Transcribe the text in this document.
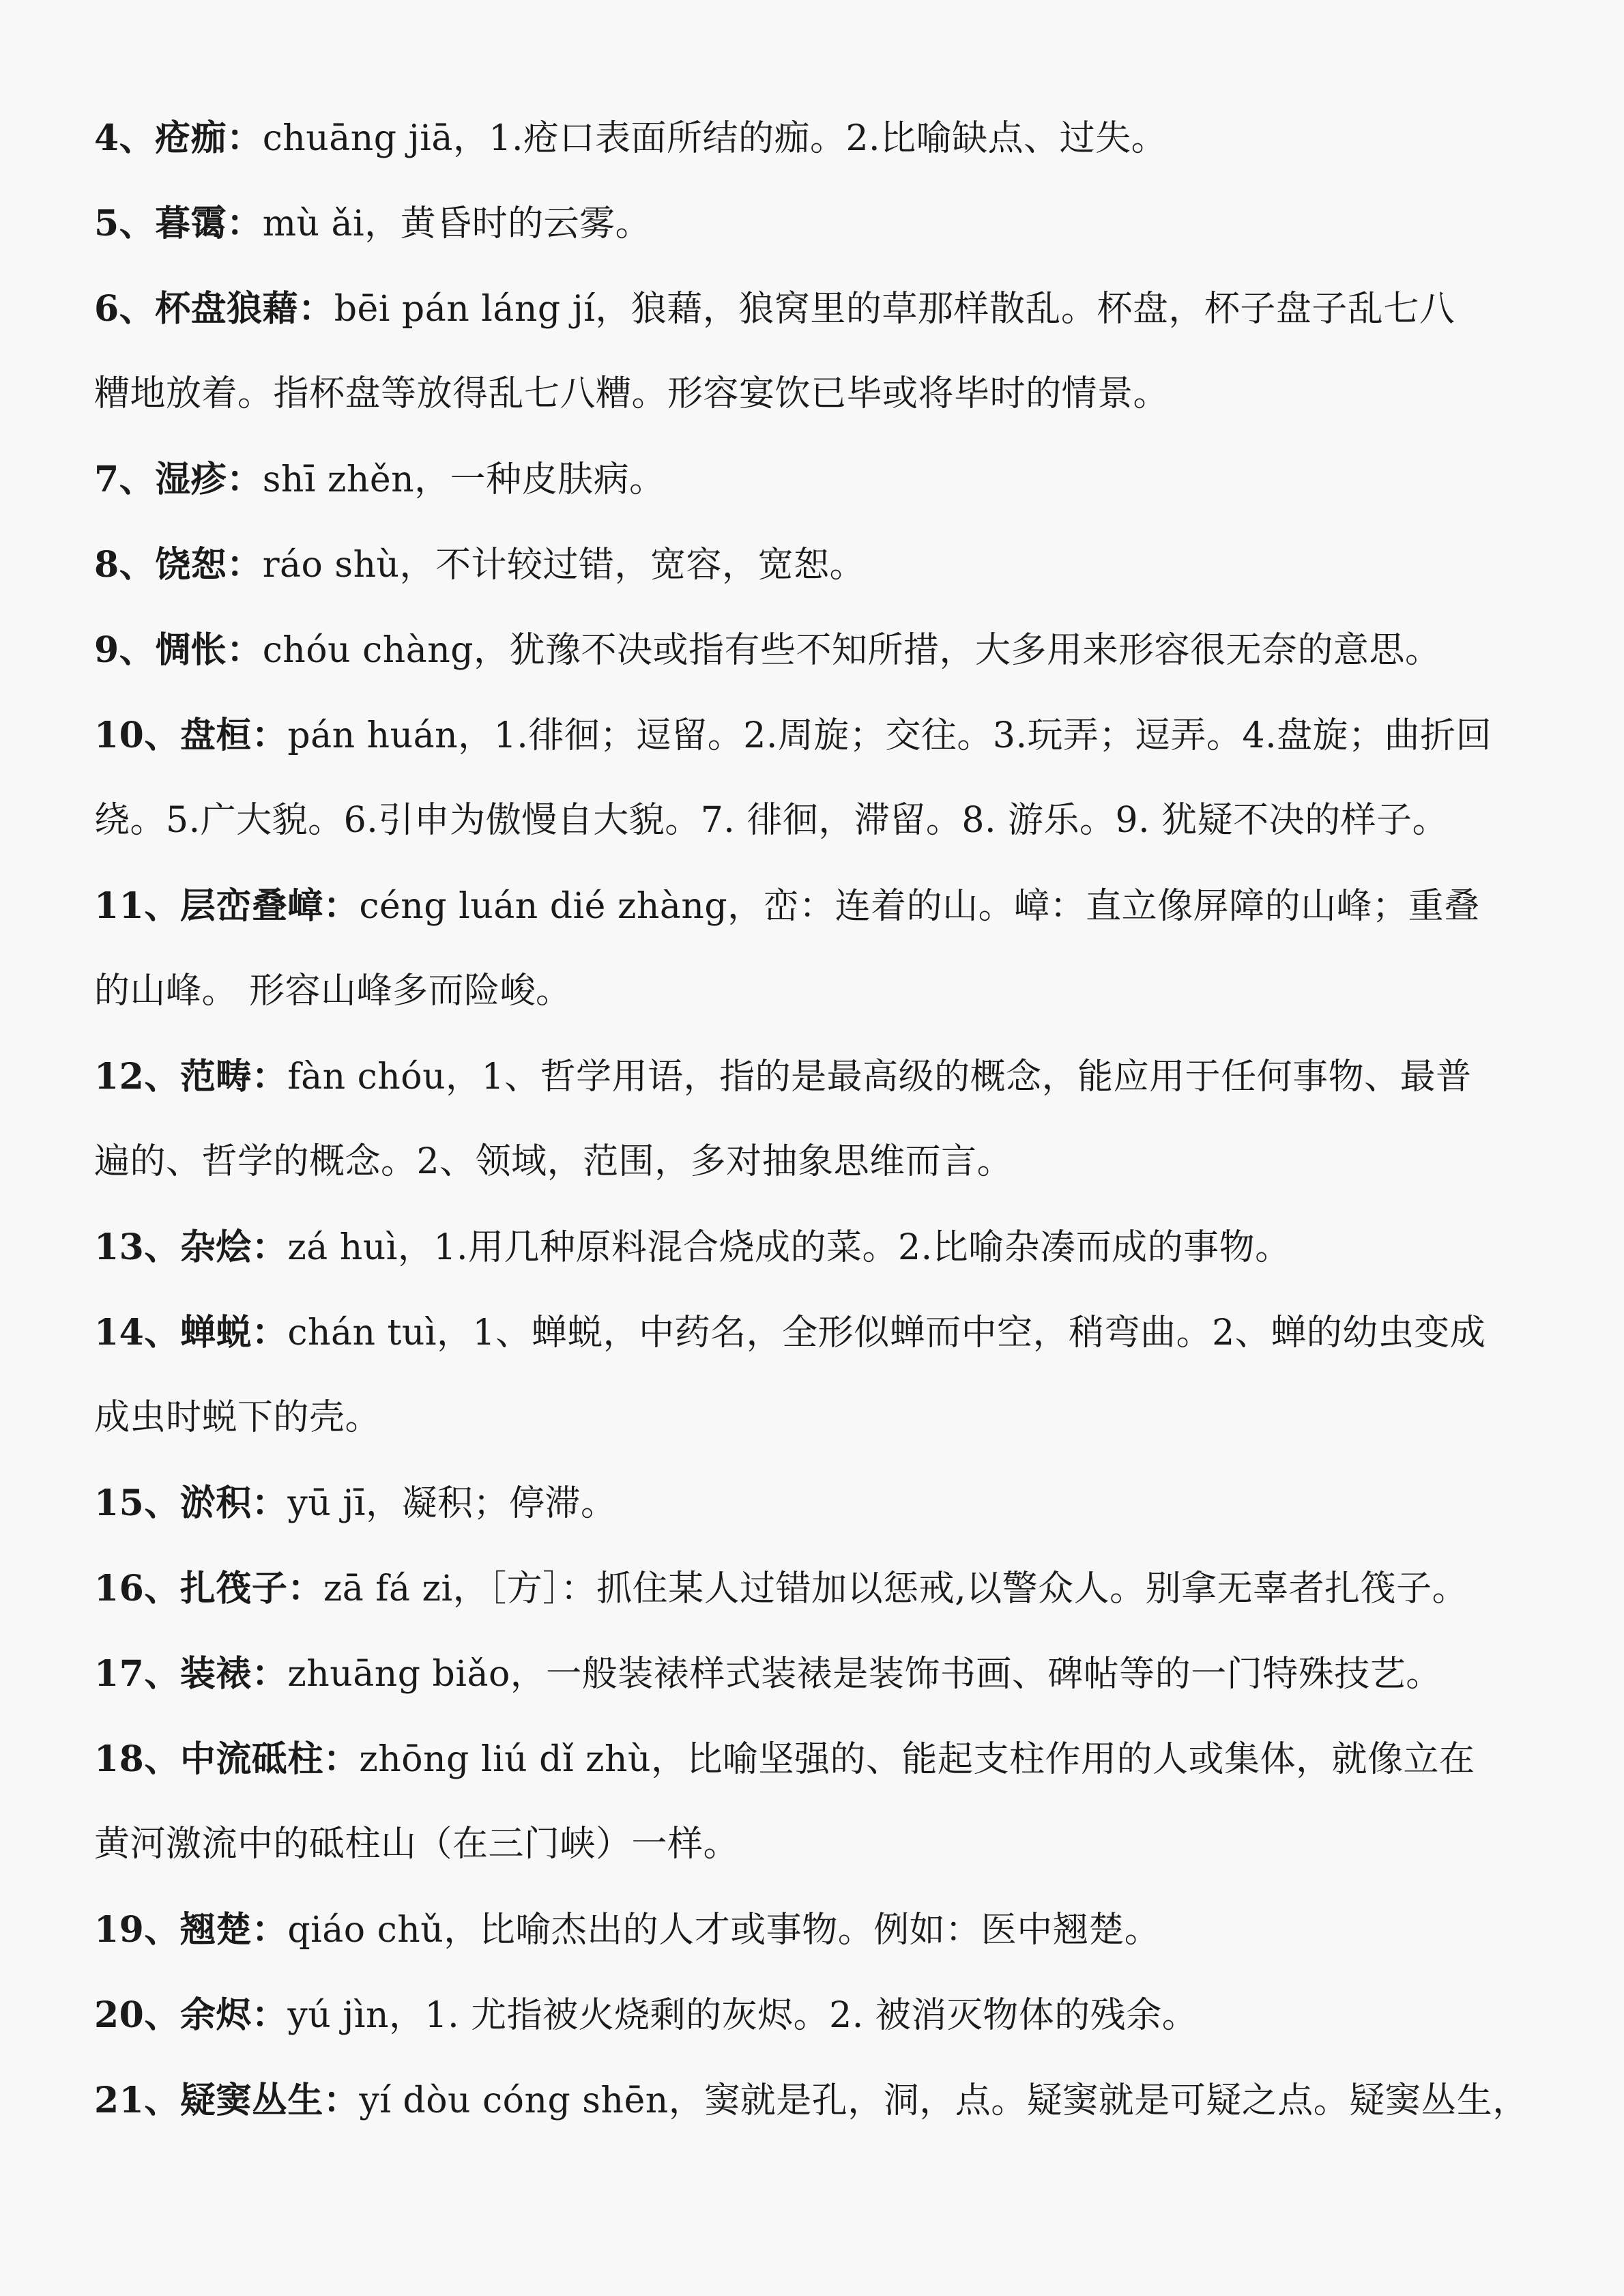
4、疮痂：chuāng jiā，1.疮口表面所结的痂。2.比喻缺点、过失。
5、暮霭：mù ǎi，黄昏时的云雾。
6、杯盘狼藉：bēi pán láng jí，狼藉，狼窝里的草那样散乱。杯盘，杯子盘子乱七八
糟地放着。指杯盘等放得乱七八糟。形容宴饮已毕或将毕时的情景。
7、湿疹：shī zhěn，一种皮肤病。
8、饶恕：ráo shù，不计较过错，宽容，宽恕。
9、惆怅：chóu chàng，犹豫不决或指有些不知所措，大多用来形容很无奈的意思。
10、盘桓：pán huán，1.徘徊；逗留。2.周旋；交往。3.玩弄；逗弄。4.盘旋；曲折回
绕。5.广大貌。6.引申为傲慢自大貌。7. 徘徊，滞留。8. 游乐。9. 犹疑不决的样子。
11、层峦叠嶂：céng luán dié zhàng，峦：连着的山。嶂：直立像屏障的山峰；重叠
的山峰。 形容山峰多而险峻。
12、范畴：fàn chóu，1、哲学用语，指的是最高级的概念，能应用于任何事物、最普
遍的、哲学的概念。2、领域，范围，多对抽象思维而言。
13、杂烩：zá huì，1.用几种原料混合烧成的菜。2.比喻杂凑而成的事物。
14、蝉蜕：chán tuì，1、蝉蜕，中药名，全形似蝉而中空，稍弯曲。2、蝉的幼虫变成
成虫时蜕下的壳。
15、淤积：yū jī，凝积；停滞。
16、扎筏子：zā fá zi，［方］：抓住某人过错加以惩戒,以警众人。别拿无辜者扎筏子。
17、装裱：zhuāng biǎo，一般装裱样式装裱是装饰书画、碑帖等的一门特殊技艺。
18、中流砥柱：zhōng liú dǐ zhù，比喻坚强的、能起支柱作用的人或集体，就像立在
黄河激流中的砥柱山（在三门峡）一样。
19、翘楚：qiáo chǔ，比喻杰出的人才或事物。例如：医中翘楚。
20、余烬：yú jìn，1. 尤指被火烧剩的灰烬。2. 被消灭物体的残余。
21、疑窦丛生：yí dòu cóng shēn，窦就是孔，洞，点。疑窦就是可疑之点。疑窦丛生，
